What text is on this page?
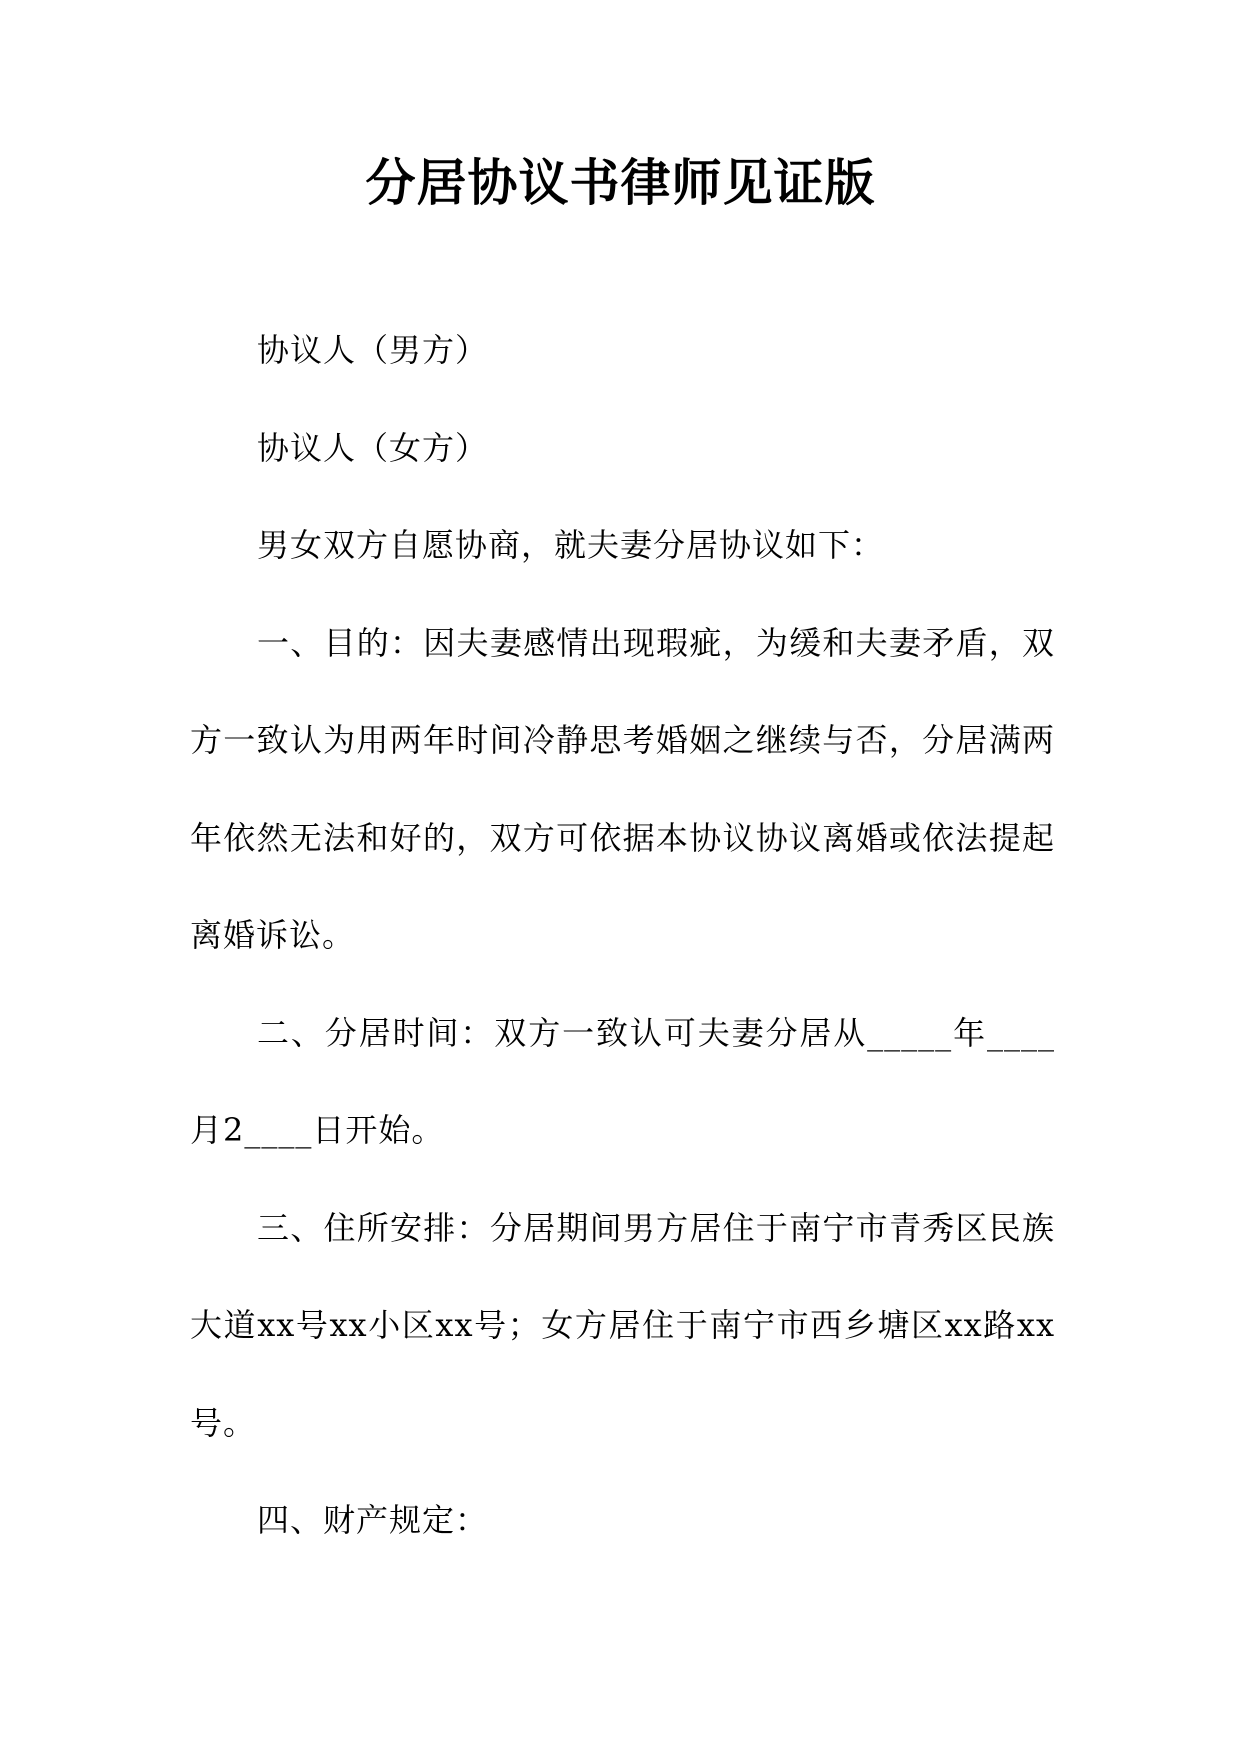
分居协议书律师见证版

协议人（男方）

协议人（女方）

男女双方自愿协商，就夫妻分居协议如下：

一、目的：因夫妻感情出现瑕疵，为缓和夫妻矛盾，双方一致认为用两年时间冷静思考婚姻之继续与否，分居满两年依然无法和好的，双方可依据本协议协议离婚或依法提起离婚诉讼。

二、分居时间：双方一致认可夫妻分居从_____年____月2____日开始。

三、住所安排：分居期间男方居住于南宁市青秀区民族大道xx号xx小区xx号；女方居住于南宁市西乡塘区xx路xx号。

四、财产规定：
